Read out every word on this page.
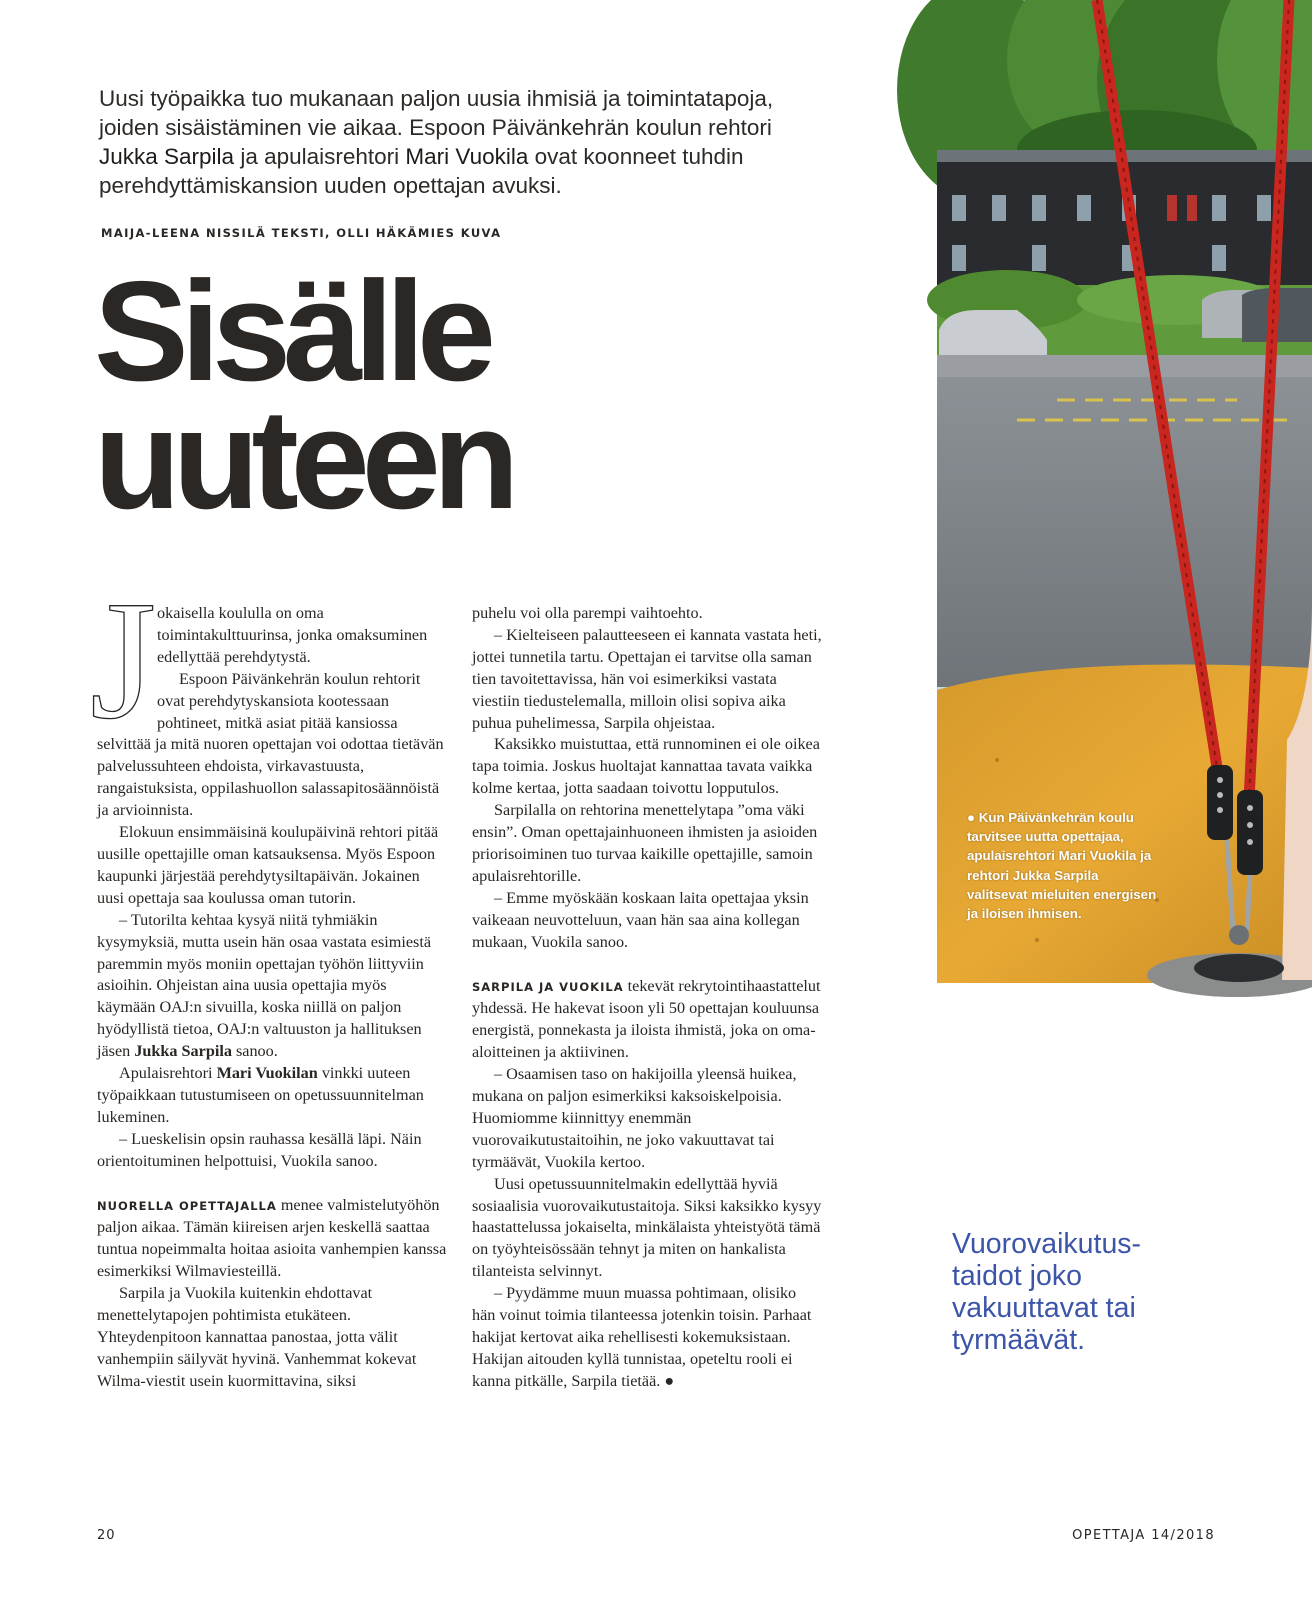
Uusi työpaikka tuo mukanaan paljon uusia ihmisiä ja toimintatapoja, joiden sisäistäminen vie aikaa. Espoon Päivänkehrän koulun rehtori Jukka Sarpila ja apulaisrehtori Mari Vuokila ovat koonneet tuhdin perehdyttämiskansion uuden opettajan avuksi.
MAIJA-LEENA NISSILÄ TEKSTI, OLLI HÄKÄMIES KUVA
Sisälle
uuteen
J okaisella koululla on oma toimintakulttuurinsa, jonka omaksuminen edellyttää perehdytystä.

Espoon Päivänkehrän koulun rehtorit ovat perehdytyskansiota kootessaan pohtineet, mitkä asiat pitää kansiossa selvittää ja mitä nuoren opettajan voi odottaa tietävän palvelussuhteen ehdoista, virkavastuusta, rangaistuksista, oppilashuollon salassapitosäännöistä ja arvioinnista.

Elokuun ensimmäisinä koulupäivinä rehtori pitää uusille opettajille oman katsauksensa. Myös Espoon kaupunki järjestää perehdytysiltapäivän. Jokainen uusi opettaja saa koulussa oman tutorin.

– Tutorilta kehtaa kysyä niitä tyhmiäkin kysymyksiä, mutta usein hän osaa vastata esimiestä paremmin myös moniin opettajan työhön liittyviin asioihin. Ohjeistan aina uusia opettajia myös käymään OAJ:n sivuilla, koska niillä on paljon hyödyllistä tietoa, OAJ:n valtuuston ja hallituksen jäsen Jukka Sarpila sanoo.

Apulaisrehtori Mari Vuokilan vinkki uuteen työpaikkaan tutustumiseen on opetussuunnitelman lukeminen.

– Lueskelisin opsin rauhassa kesällä läpi. Näin orientoituminen helpottuisi, Vuokila sanoo.

NUORELLA OPETTAJALLA menee valmistelutyöhön paljon aikaa. Tämän kiireisen arjen keskellä saattaa tuntua nopeimmalta hoitaa asioita vanhempien kanssa esimerkiksi Wilmaviesteillä.

Sarpila ja Vuokila kuitenkin ehdottavat menettelytapojen pohtimista etukäteen. Yhteydenpitoon kannattaa panostaa, jotta välit vanhempiin säilyvät hyvinä. Vanhemmat kokevat Wilma-viestit usein kuormittavina, siksi

puhelu voi olla parempi vaihtoehto.

– Kielteiseen palautteeseen ei kannata vastata heti, jottei tunnetila tartu. Opettajan ei tarvitse olla saman tien tavoitettavissa, hän voi esimerkiksi vastata viestiin tiedustelemalla, milloin olisi sopiva aika puhua puhelimessa, Sarpila ohjeistaa.

Kaksikko muistuttaa, että runnominen ei ole oikea tapa toimia. Joskus huoltajat kannattaa tavata vaikka kolme kertaa, jotta saadaan toivottu lopputulos.

Sarpilalla on rehtorina menettelytapa ”oma väki ensin”. Oman opettajainhuoneen ihmisten ja asioiden priorisoiminen tuo turvaa kaikille opettajille, samoin apulaisrehtorille.

– Emme myöskään koskaan laita opettajaa yksin vaikeaan neuvotteluun, vaan hän saa aina kollegan mukaan, Vuokila sanoo.

SARPILA JA VUOKILA tekevät rekrytointihaastattelut yhdessä. He hakevat isoon yli 50 opettajan kouluunsa energistä, ponnekasta ja iloista ihmistä, joka on oma-aloitteinen ja aktiivinen.

– Osaamisen taso on hakijoilla yleensä huikea, mukana on paljon esimerkiksi kaksoiskelpoisia. Huomiomme kiinnittyy enemmän vuorovaikutustaitoihin, ne joko vakuuttavat tai tyrmäävät, Vuokila kertoo.

Uusi opetussuunnitelmakin edellyttää hyviä sosiaalisia vuorovaikutustaitoja. Siksi kaksikko kysyy haastattelussa jokaiselta, minkälaista yhteistyötä tämä on työyhteisössään tehnyt ja miten on hankalista tilanteista selvinnyt.

– Pyydämme muun muassa pohtimaan, olisiko hän voinut toimia tilanteessa jotenkin toisin. Parhaat hakijat kertovat aika rehellisesti kokemuksistaan. Hakijan aitouden kyllä tunnistaa, opeteltu rooli ei kanna pitkälle, Sarpila tietää. ●

● Kun Päivänkehrän koulu tarvitsee uutta opettajaa, apulaisrehtori Mari Vuokila ja rehtori Jukka Sarpila valitsevat mieluiten energisen ja iloisen ihmisen.
Vuorovaikutus-taidot joko vakuuttavat tai tyrmäävät.
20	OPETTAJA 14/2018
